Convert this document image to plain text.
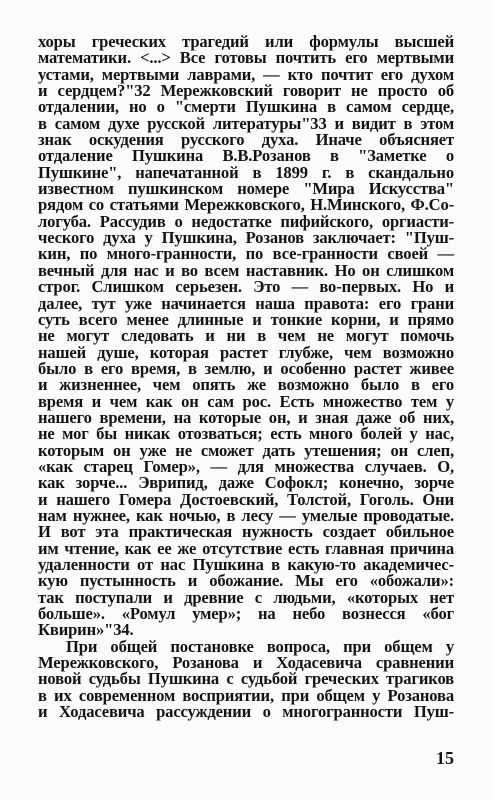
хоры греческих трагедий или формулы высшей
математики. <...> Все готовы почтить его мертвыми
устами, мертвыми лаврами, — кто почтит его духом
и сердцем?"32 Мережковский говорит не просто об
отдалении, но о "смерти Пушкина в самом сердце,
в самом духе русской литературы"33 и видит в этом
знак оскудения русского духа. Иначе объясняет
отдаление Пушкина В.В.Розанов в "Заметке о
Пушкине", напечатанной в 1899 г. в скандально
известном пушкинском номере "Мира Искусства"
рядом со статьями Мережковского, Н.Минского, Ф.Со-
логуба. Рассудив о недостатке пифийского, оргиасти-
ческого духа у Пушкина, Розанов заключает: "Пуш-
кин, по много-гранности, по все-гранности своей —
вечный для нас и во всем наставник. Но он слишком
строг. Слишком серьезен. Это — во-первых. Но и
далее, тут уже начинается наша правота: его грани
суть всего менее длинные и тонкие корни, и прямо
не могут следовать и ни в чем не могут помочь
нашей душе, которая растет глубже, чем возможно
было в его время, в землю, и особенно растет живее
и жизненнее, чем опять же возможно было в его
время и чем как он сам рос. Есть множество тем у
нашего времени, на которые он, и зная даже об них,
не мог бы никак отозваться; есть много болей у нас,
которым он уже не сможет дать утешения; он слеп,
«как старец Гомер», — для множества случаев. О,
как зорче... Эврипид, даже Софокл; конечно, зорче
и нашего Гомера Достоевский, Толстой, Гоголь. Они
нам нужнее, как ночью, в лесу — умелые проводатые.
И вот эта практическая нужность создает обильное
им чтение, как ее же отсутствие есть главная причина
удаленности от нас Пушкина в какую-то академичес-
кую пустынность и обожание. Мы его «обожали»:
так поступали и древние с людьми, «которых нет
больше». «Ромул умер»; на небо вознесся «бог
Квирин»"34.
При общей постановке вопроса, при общем у
Мережковского, Розанова и Ходасевича сравнении
новой судьбы Пушкина с судьбой греческих трагиков
в их современном восприятии, при общем у Розанова
и Ходасевича рассуждении о многогранности Пуш-
15
